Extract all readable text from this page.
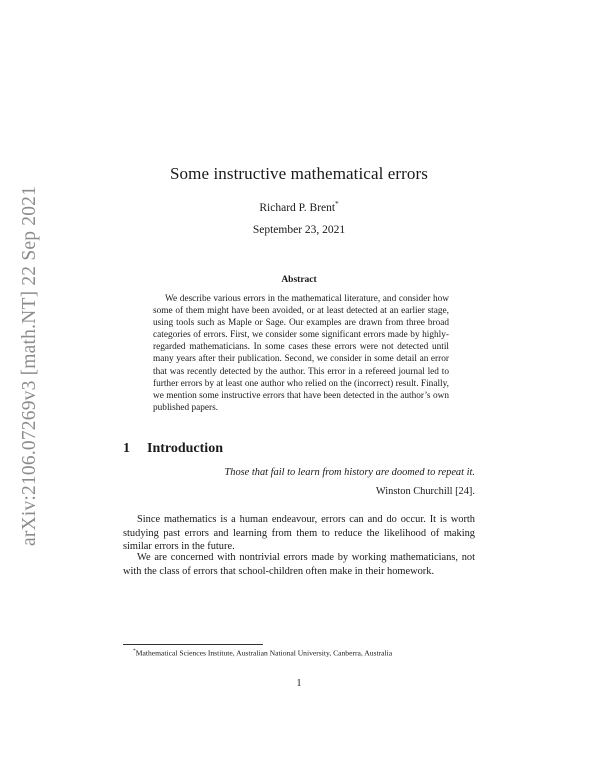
arXiv:2106.07269v3 [math.NT] 22 Sep 2021
Some instructive mathematical errors
Richard P. Brent*
September 23, 2021
Abstract

We describe various errors in the mathematical literature, and consider how some of them might have been avoided, or at least detected at an earlier stage, using tools such as Maple or Sage. Our examples are drawn from three broad categories of errors. First, we consider some significant errors made by highly-regarded mathematicians. In some cases these errors were not detected until many years after their publication. Second, we consider in some detail an error that was recently detected by the author. This error in a refereed journal led to further errors by at least one author who relied on the (incorrect) result. Finally, we mention some instructive errors that have been detected in the author’s own published papers.

1 Introduction
Those that fail to learn from history are doomed to repeat it.
Winston Churchill [24].

Since mathematics is a human endeavour, errors can and do occur. It is worth studying past errors and learning from them to reduce the likelihood of making similar errors in the future.

We are concerned with nontrivial errors made by working mathematicians, not with the class of errors that school-children often make in their homework.

*Mathematical Sciences Institute, Australian National University, Canberra, Australia
1
